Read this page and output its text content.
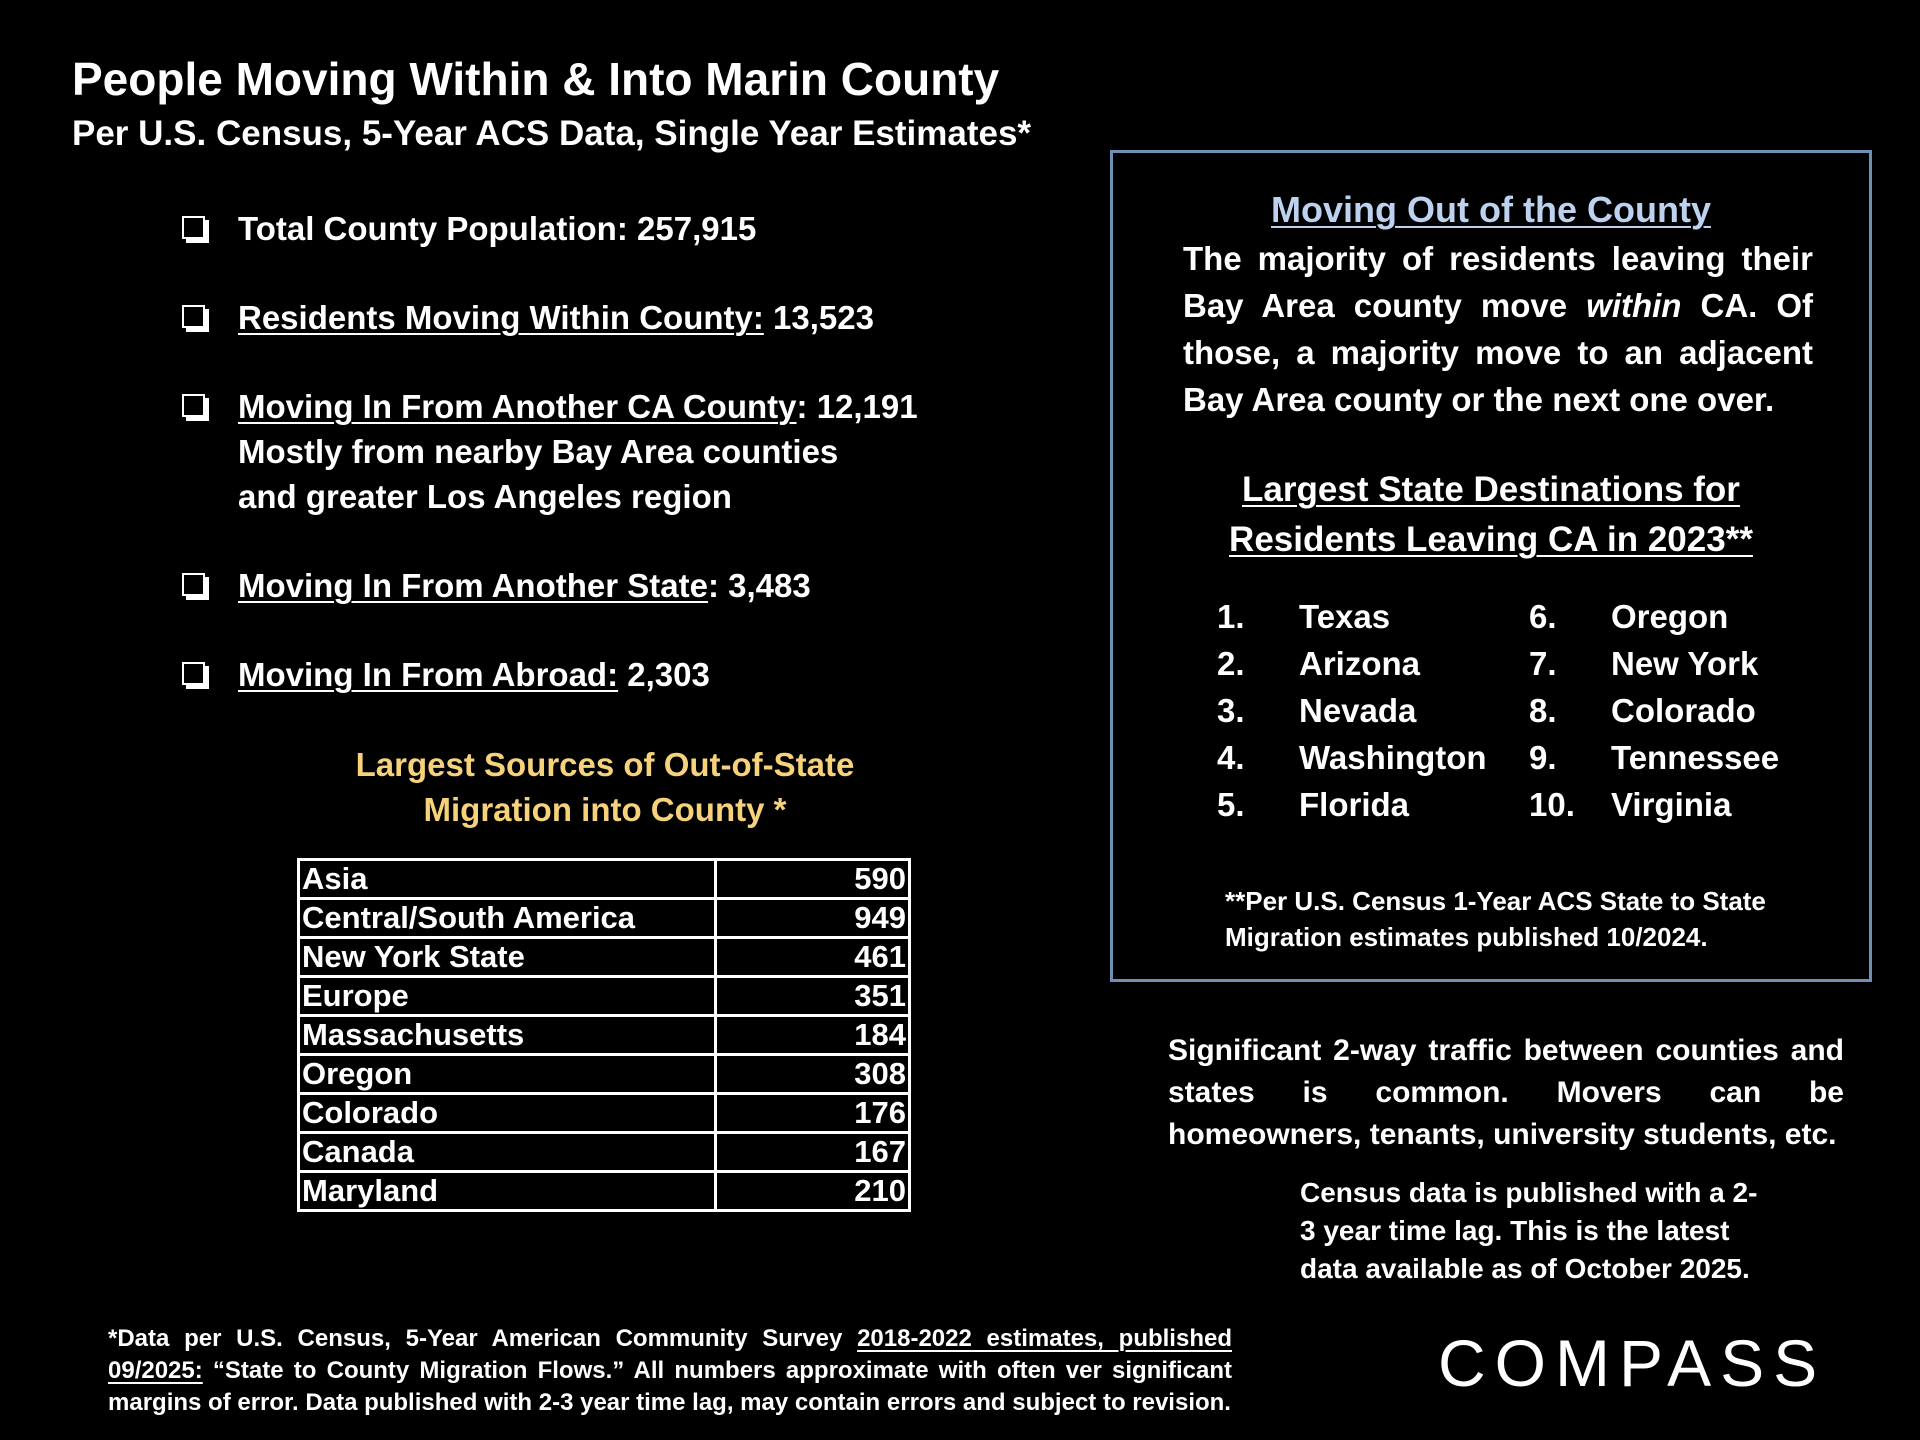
People Moving Within & Into Marin County
Per U.S. Census, 5-Year ACS Data, Single Year Estimates*
Total County Population: 257,915
Residents Moving Within County: 13,523
Moving In From Another CA County: 12,191
Mostly from nearby Bay Area counties
and greater Los Angeles region
Moving In From Another State: 3,483
Moving In From Abroad: 2,303
Largest Sources of Out-of-State
Migration into County *
Asia	590
Central/South America	949
New York State	461
Europe	351
Massachusetts	184
Oregon	308
Colorado	176
Canada	167
Maryland	210
Moving Out of the County
The majority of residents leaving their Bay Area county move within CA. Of those, a majority move to an adjacent
Bay Area county or the next one over.
Largest State Destinations for
Residents Leaving CA in 2023**
1.	Texas
2.	Arizona
3.	Nevada
4.	Washington
5.	Florida
6.	Oregon
7.	New York
8.	Colorado
9.	Tennessee
10.	Virginia
**Per U.S. Census 1-Year ACS State to State
Migration estimates published 10/2024.
Significant 2-way traffic between counties and states is common. Movers can be homeowners, tenants, university students, etc.
Census data is published with a 2-
3 year time lag. This is the latest
data available as of October 2025.
*Data per U.S. Census, 5-Year American Community Survey 2018-2022 estimates, published 09/2025: “State to County Migration Flows.” All numbers approximate with often ver significant margins of error. Data published with 2-3 year time lag, may contain errors and subject to revision.
COMPASS
